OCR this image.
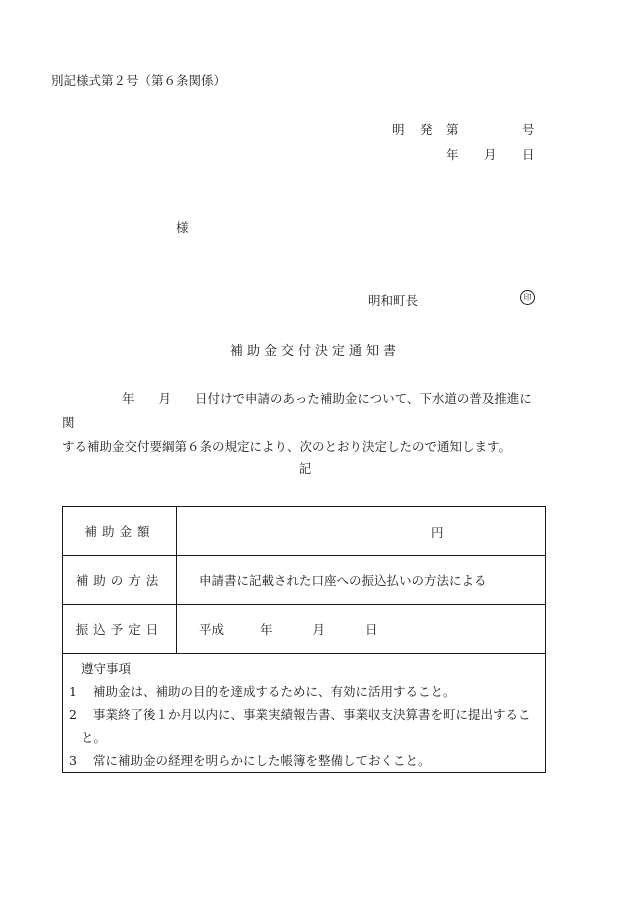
別記様式第２号（第６条関係）
明 発 第	号
年 月 日
様
明和町長	印
補助金交付決定通知書
年 月 日付けで申請のあった補助金について、下水道の普及推進に関
する補助金交付要綱第６条の規定により、次のとおり決定したので通知します。
記
補助金額	円

補助の方法	申請書に記載された口座への振込払いの方法による
振込予定日	平成 年 月 日
遵守事項
1 補助金は、補助の目的を達成するために、有効に活用すること。
2 事業終了後１か月以内に、事業実績報告書、事業収支決算書を町に提出するこ
と。
3 常に補助金の経理を明らかにした帳簿を整備しておくこと。
